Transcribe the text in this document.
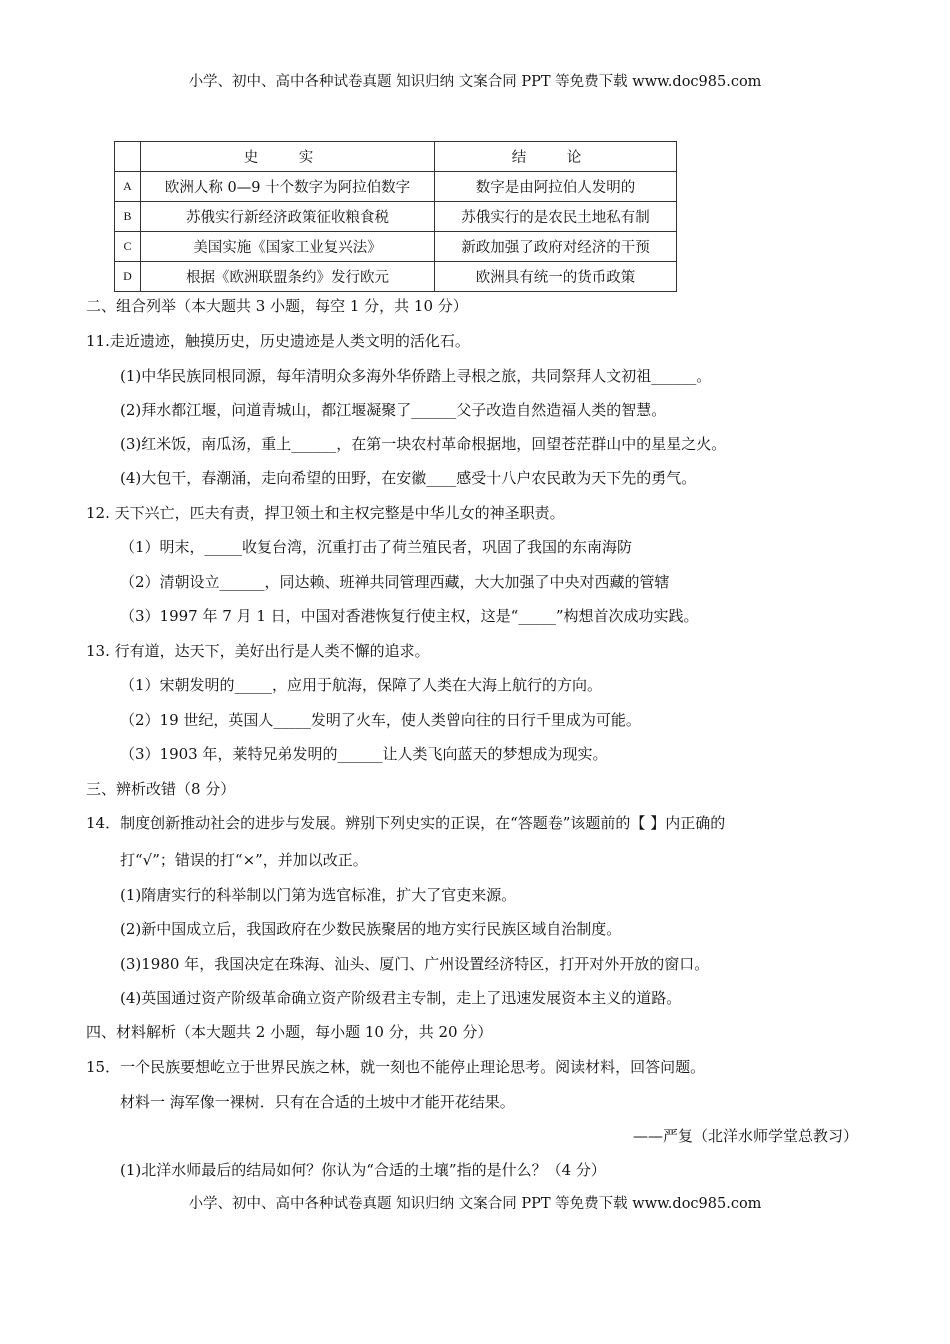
小学、初中、高中各种试卷真题 知识归纳 文案合同 PPT 等免费下载 www.doc985.com
	史 实	结 论
A	欧洲人称 0—9 十个数字为阿拉伯数字	数字是由阿拉伯人发明的
B	苏俄实行新经济政策征收粮食税	苏俄实行的是农民土地私有制
C	美国实施《国家工业复兴法》	新政加强了政府对经济的干预
D	根据《欧洲联盟条约》发行欧元	欧洲具有统一的货币政策
二、组合列举（本大题共 3 小题，每空 1 分，共 10 分）
11.走近遗迹，触摸历史，历史遗迹是人类文明的活化石。
(1)中华民族同根同源，每年清明众多海外华侨踏上寻根之旅，共同祭拜人文初祖______。
(2)拜水都江堰，问道青城山，都江堰凝聚了______父子改造自然造福人类的智慧。
(3)红米饭，南瓜汤，重上______，在第一块农村革命根据地，回望苍茫群山中的星星之火。
(4)大包干，春潮涌，走向希望的田野，在安徽____感受十八户农民敢为天下先的勇气。
12. 天下兴亡，匹夫有责，捍卫领土和主权完整是中华儿女的神圣职责。
（1）明末，_____收复台湾，沉重打击了荷兰殖民者，巩固了我国的东南海防
（2）清朝设立______，同达赖、班禅共同管理西藏，大大加强了中央对西藏的管辖
（3）1997 年 7 月 1 日，中国对香港恢复行使主权，这是“_____”构想首次成功实践。
13. 行有道，达天下，美好出行是人类不懈的追求。
（1）宋朝发明的_____，应用于航海，保障了人类在大海上航行的方向。
（2）19 世纪，英国人_____发明了火车，使人类曾向往的日行千里成为可能。
（3）1903 年，莱特兄弟发明的______让人类飞向蓝天的梦想成为现实。
三、辨析改错（8 分）
14．制度创新推动社会的进步与发展。辨别下列史实的正误，在“答题卷”该题前的【 】内正确的
打“√”；错误的打“×”，并加以改正。
(1)隋唐实行的科举制以门第为选官标准，扩大了官吏来源。
(2)新中国成立后，我国政府在少数民族聚居的地方实行民族区域自治制度。
(3)1980 年，我国决定在珠海、汕头、厦门、广州设置经济特区，打开对外开放的窗口。
(4)英国通过资产阶级革命确立资产阶级君主专制，走上了迅速发展资本主义的道路。
四、材料解析（本大题共 2 小题，每小题 10 分，共 20 分）
15．一个民族要想屹立于世界民族之林，就一刻也不能停止理论思考。阅读材料，回答问题。
材料一 海军像一裸树．只有在合适的土坡中才能开花结果。
——严复（北洋水师学堂总教习）
(1)北洋水师最后的结局如何？你认为“合适的土壤”指的是什么？（4 分）
小学、初中、高中各种试卷真题 知识归纳 文案合同 PPT 等免费下载 www.doc985.com
